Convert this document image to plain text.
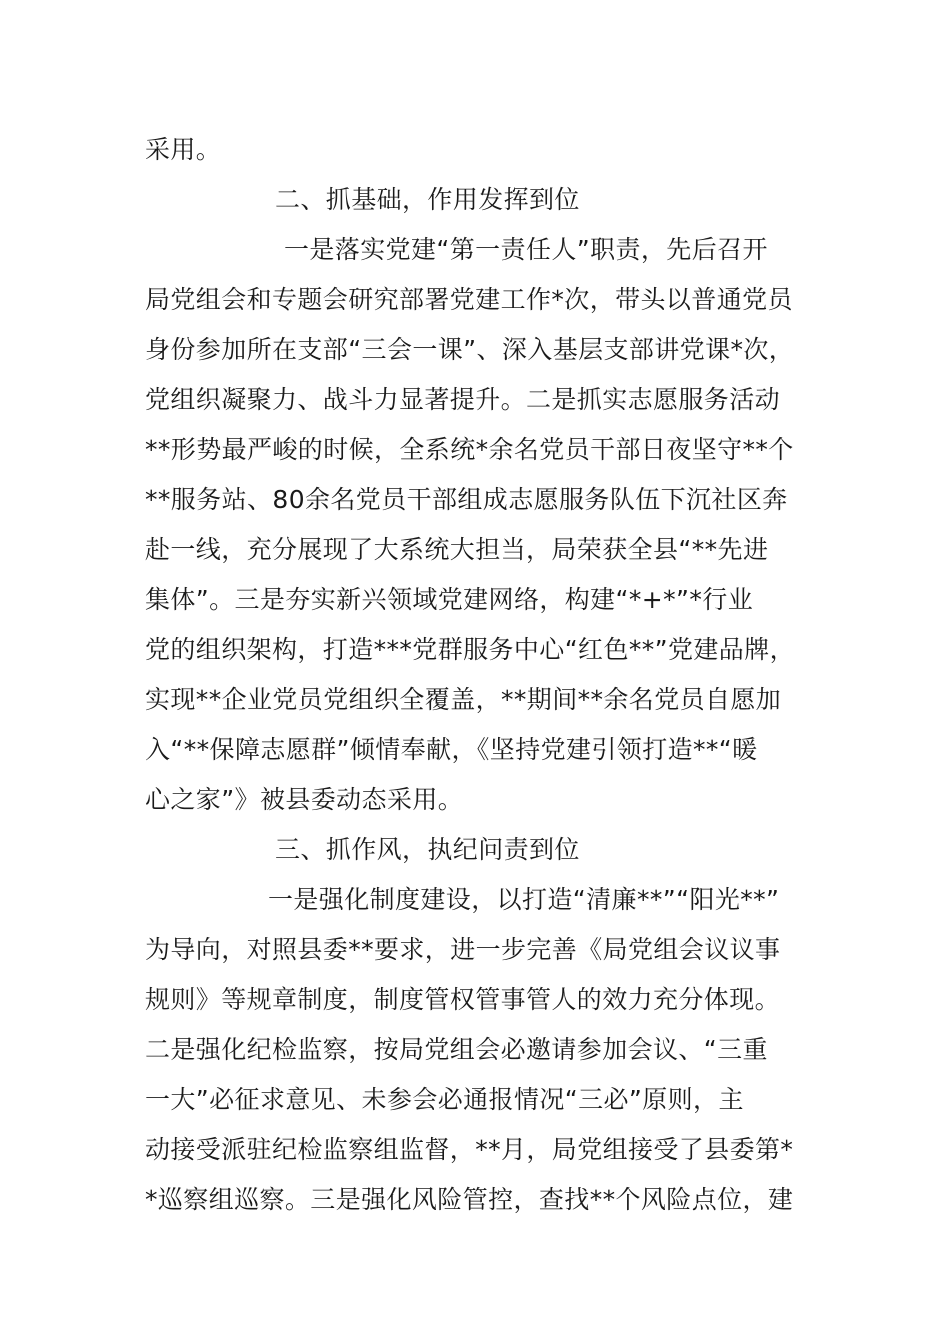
采用。
二、抓基础，作用发挥到位
一是落实党建“第一责任人”职责，先后召开
局党组会和专题会研究部署党建工作*次，带头以普通党员
身份参加所在支部“三会一课”、深入基层支部讲党课*次，
党组织凝聚力、战斗力显著提升。二是抓实志愿服务活动
**形势最严峻的时候，全系统*余名党员干部日夜坚守**个
**服务站、80余名党员干部组成志愿服务队伍下沉社区奔
赴一线，充分展现了大系统大担当，局荣获全县“**先进
集体”。三是夯实新兴领域党建网络，构建“*+*”*行业
党的组织架构，打造***党群服务中心“红色**”党建品牌，
实现**企业党员党组织全覆盖，**期间**余名党员自愿加
入“**保障志愿群”倾情奉献，《坚持党建引领打造**“暖
心之家”》被县委动态采用。
三、抓作风，执纪问责到位
一是强化制度建设，以打造“清廉**”“阳光**”
为导向，对照县委**要求，进一步完善《局党组会议议事
规则》等规章制度，制度管权管事管人的效力充分体现。
二是强化纪检监察，按局党组会必邀请参加会议、“三重
一大”必征求意见、未参会必通报情况“三必”原则，主
动接受派驻纪检监察组监督，**月，局党组接受了县委第*
*巡察组巡察。三是强化风险管控，查找**个风险点位，建
